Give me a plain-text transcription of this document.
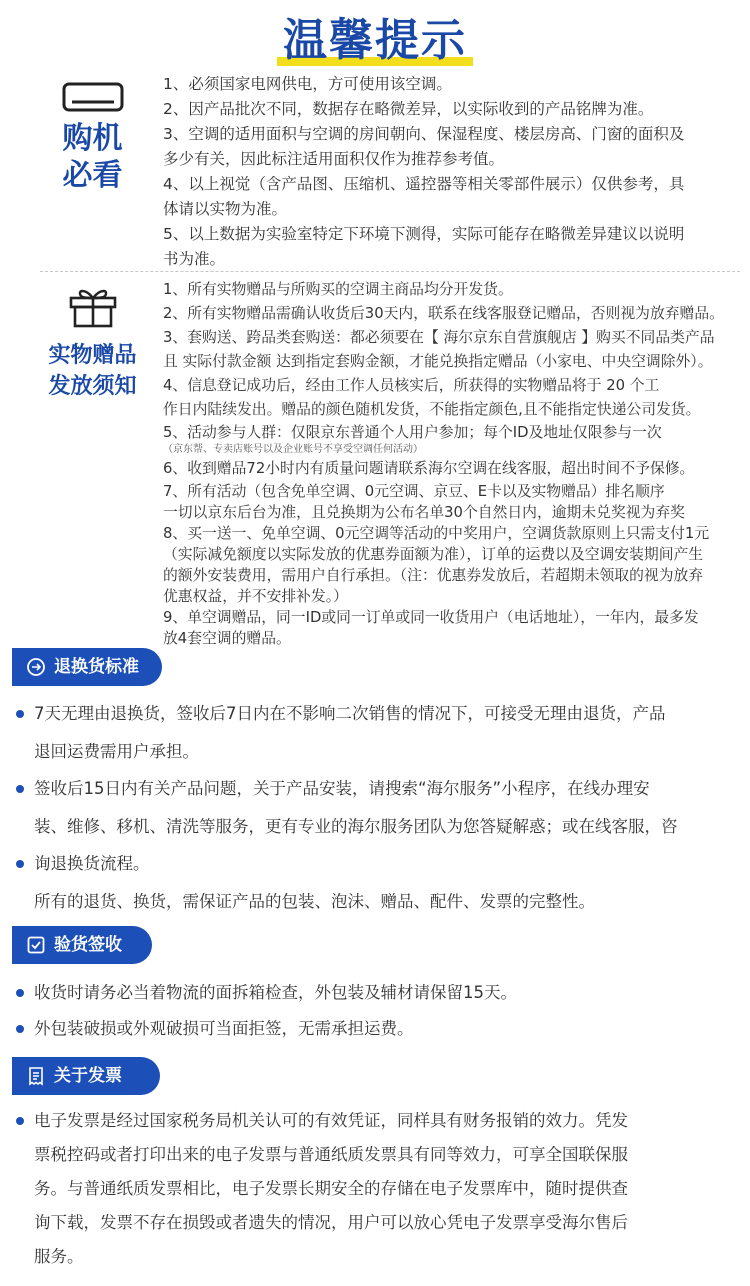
温馨提示
购机
必看

1、必须国家电网供电，方可使用该空调。

2、因产品批次不同，数据存在略微差异，以实际收到的产品铭牌为准。

3、空调的适用面积与空调的房间朝向、保湿程度、楼层房高、门窗的面积及

多少有关，因此标注适用面积仅作为推荐参考值。

4、以上视觉（含产品图、压缩机、遥控器等相关零部件展示）仅供参考，具

体请以实物为准。

5、以上数据为实验室特定下环境下测得，实际可能存在略微差异建议以说明

书为准。

实物赠品
发放须知

1、所有实物赠品与所购买的空调主商品均分开发货。

2、所有实物赠品需确认收货后30天内，联系在线客服登记赠品，否则视为放弃赠品。

3、套购送、跨品类套购送：都必须要在【 海尔京东自营旗舰店 】购买不同品类产品

且 实际付款金额 达到指定套购金额，才能兑换指定赠品（小家电、中央空调除外）。

4、信息登记成功后，经由工作人员核实后，所获得的实物赠品将于 20 个工

作日内陆续发出。赠品的颜色随机发货，不能指定颜色,且不能指定快递公司发货。

5、活动参与人群：仅限京东普通个人用户参加；每个ID及地址仅限参与一次

（京东帮、专卖店账号以及企业账号不享受空调任何活动）

6、收到赠品72小时内有质量问题请联系海尔空调在线客服，超出时间不予保修。

7、所有活动（包含免单空调、0元空调、京豆、E卡以及实物赠品）排名顺序

一切以京东后台为准，且兑换期为公布名单30个自然日内，逾期未兑奖视为弃奖

8、买一送一、免单空调、0元空调等活动的中奖用户，空调货款原则上只需支付1元

（实际减免额度以实际发放的优惠券面额为准），订单的运费以及空调安装期间产生

的额外安装费用，需用户自行承担。（注：优惠券发放后，若超期未领取的视为放弃

优惠权益，并不安排补发。）

9、单空调赠品，同一ID或同一订单或同一收货用户（电话地址），一年内，最多发

放4套空调的赠品。

退换货标准
7天无理由退换货，签收后7日内在不影响二次销售的情况下，可接受无理由退货，产品
退回运费需用户承担。
签收后15日内有关产品问题，关于产品安装，请搜索“海尔服务”小程序，在线办理安
装、维修、移机、清洗等服务，更有专业的海尔服务团队为您答疑解惑；或在线客服，咨
询退换货流程。
所有的退货、换货，需保证产品的包装、泡沫、赠品、配件、发票的完整性。
验货签收
收货时请务必当着物流的面拆箱检查，外包装及辅材请保留15天。
外包装破损或外观破损可当面拒签，无需承担运费。
关于发票
电子发票是经过国家税务局机关认可的有效凭证，同样具有财务报销的效力。凭发
票税控码或者打印出来的电子发票与普通纸质发票具有同等效力，可享全国联保服
务。与普通纸质发票相比，电子发票长期安全的存储在电子发票库中，随时提供查
询下载，发票不存在损毁或者遗失的情况，用户可以放心凭电子发票享受海尔售后
服务。
